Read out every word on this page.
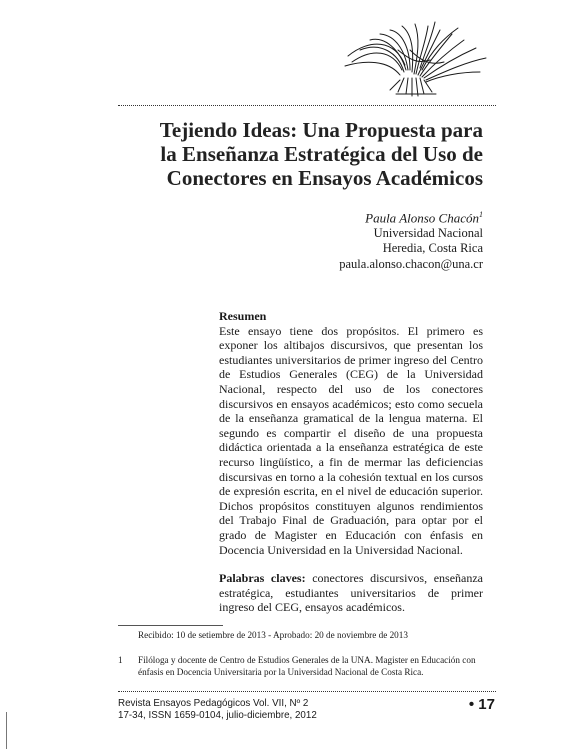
Tejiendo Ideas: Una Propuesta para
la Enseñanza Estratégica del Uso de
Conectores en Ensayos Académicos
Paula Alonso Chacón$^1$
Universidad Nacional
Heredia, Costa Rica
paula.alonso.chacon@una.cr
Resumen
Este ensayo tiene dos propósitos. El primero es exponer los altibajos discursivos, que presentan los estudiantes universitarios de primer ingreso del Centro de Estudios Generales (CEG) de la Universidad Nacional, respecto del uso de los conectores discursivos en ensayos académicos; esto como secuela de la enseñanza gramatical de la lengua materna. El segundo es compartir el diseño de una propuesta didáctica orientada a la enseñanza estratégica de este recurso lingüístico, a fin de mermar las deficiencias discursivas en torno a la cohesión textual en los cursos de expresión escrita, en el nivel de educación superior. Dichos propósitos constituyen algunos rendimientos del Trabajo Final de Graduación, para optar por el grado de Magister en Educación con énfasis en Docencia Universidad en la Universidad Nacional.
Palabras claves: conectores discursivos, enseñanza estratégica, estudiantes universitarios de primer ingreso del CEG, ensayos académicos.
Recibido: 10 de setiembre de 2013 - Aprobado: 20 de noviembre de 2013
1 Filóloga y docente de Centro de Estudios Generales de la UNA. Magister en Educación con énfasis en Docencia Universitaria por la Universidad Nacional de Costa Rica.
Revista Ensayos Pedagógicos Vol. VII, Nº 2
17-34, ISSN 1659-0104, julio-diciembre, 2012
• 17
